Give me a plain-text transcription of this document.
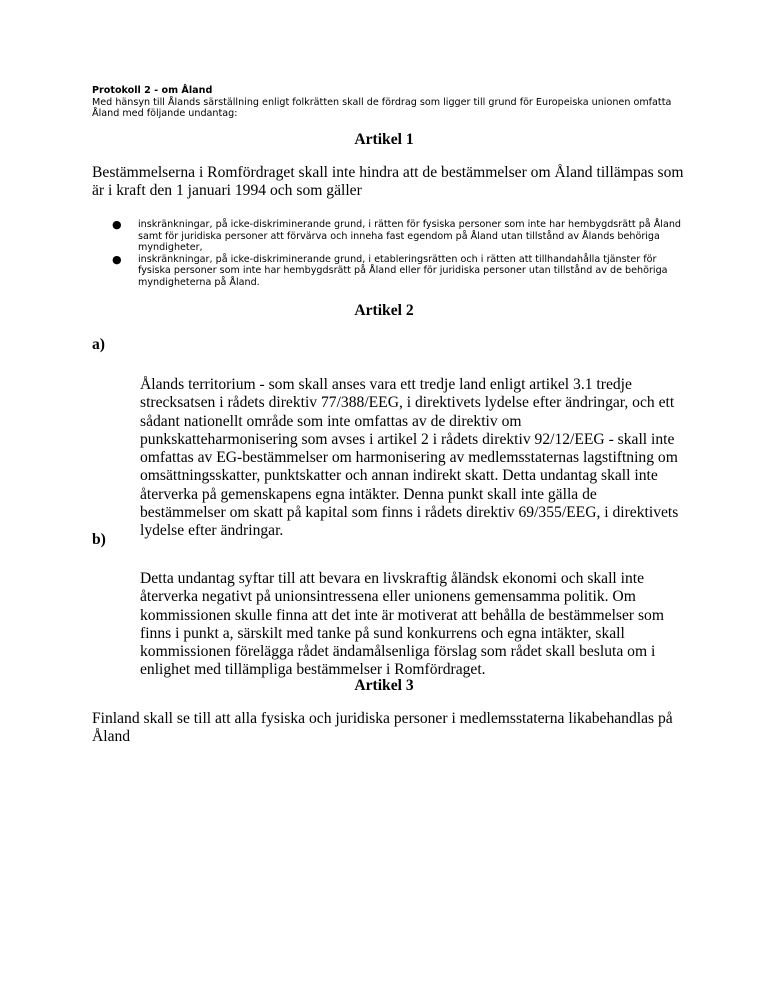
Protokoll 2 - om Åland
Med hänsyn till Ålands särställning enligt folkrätten skall de fördrag som ligger till grund för Europeiska unionen omfatta Åland med följande undantag:
Artikel 1
Bestämmelserna i Romfördraget skall inte hindra att de bestämmelser om Åland tillämpas som är i kraft den 1 januari 1994 och som gäller
● inskränkningar, på icke-diskriminerande grund, i rätten för fysiska personer som inte har hembygdsrätt på Åland samt för juridiska personer att förvärva och inneha fast egendom på Åland utan tillstånd av Ålands behöriga myndigheter,
● inskränkningar, på icke-diskriminerande grund, i etableringsrätten och i rätten att tillhandahålla tjänster för fysiska personer som inte har hembygdsrätt på Åland eller för juridiska personer utan tillstånd av de behöriga myndigheterna på Åland.
Artikel 2
a)
Ålands territorium - som skall anses vara ett tredje land enligt artikel 3.1 tredje strecksatsen i rådets direktiv 77/388/EEG, i direktivets lydelse efter ändringar, och ett sådant nationellt område som inte omfattas av de direktiv om punkskatteharmonisering som avses i artikel 2 i rådets direktiv 92/12/EEG - skall inte omfattas av EG-bestämmelser om harmonisering av medlemsstaternas lagstiftning om omsättningsskatter, punktskatter och annan indirekt skatt. Detta undantag skall inte återverka på gemenskapens egna intäkter. Denna punkt skall inte gälla de bestämmelser om skatt på kapital som finns i rådets direktiv 69/355/EEG, i direktivets lydelse efter ändringar.
b)
Detta undantag syftar till att bevara en livskraftig åländsk ekonomi och skall inte återverka negativt på unionsintressena eller unionens gemensamma politik. Om kommissionen skulle finna att det inte är motiverat att behålla de bestämmelser som finns i punkt a, särskilt med tanke på sund konkurrens och egna intäkter, skall kommissionen förelägga rådet ändamålsenliga förslag som rådet skall besluta om i enlighet med tillämpliga bestämmelser i Romfördraget.
Artikel 3
Finland skall se till att alla fysiska och juridiska personer i medlemsstaterna likabehandlas på Åland
